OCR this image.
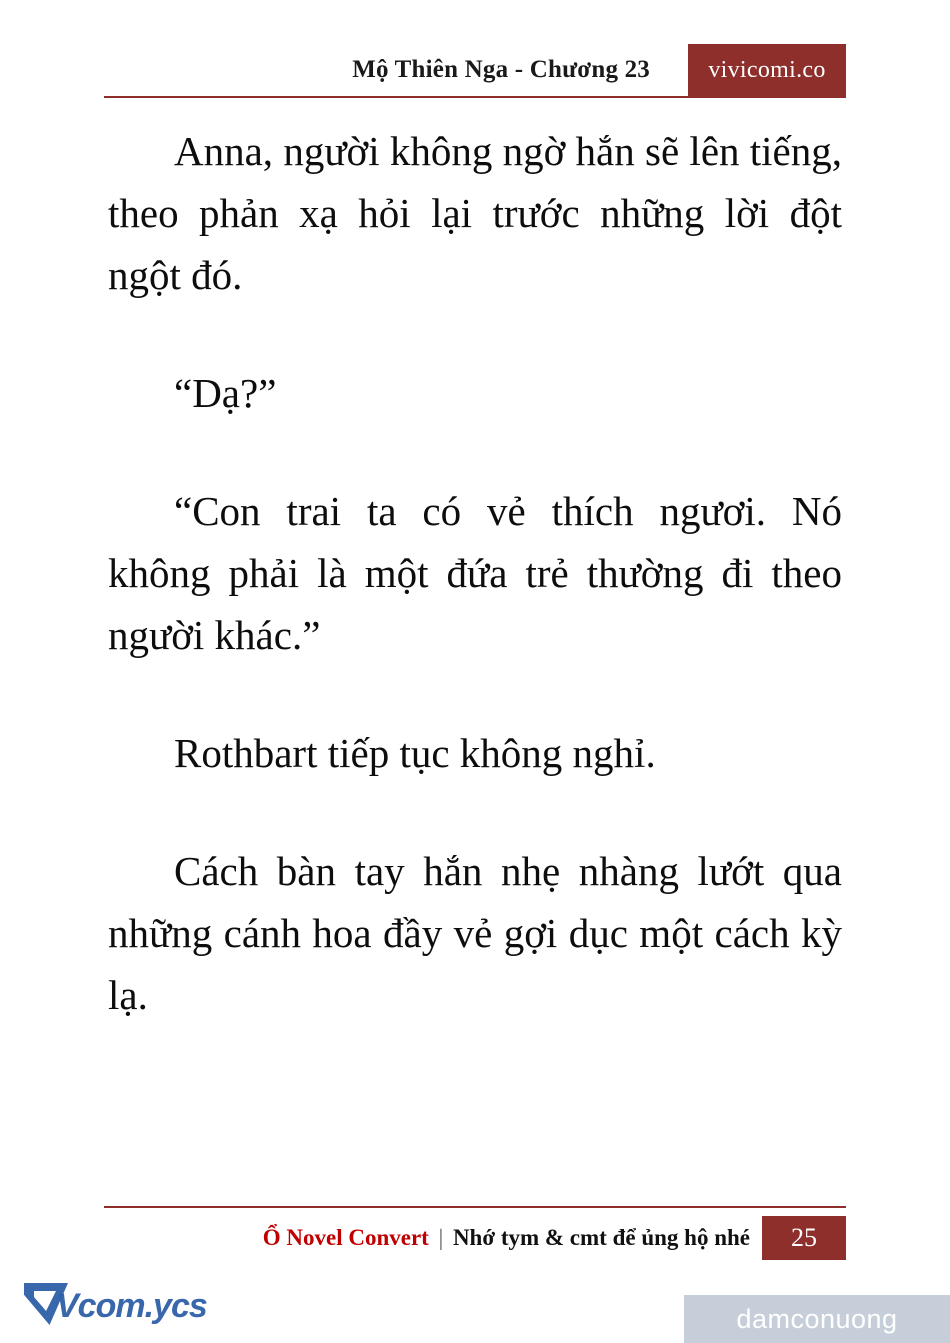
Mộ Thiên Nga - Chương 23	vivicomi.co

Anna, người không ngờ hắn sẽ lên tiếng, theo phản xạ hỏi lại trước những lời đột ngột đó.

“Dạ?”

“Con trai ta có vẻ thích ngươi. Nó không phải là một đứa trẻ thường đi theo người khác.”

Rothbart tiếp tục không nghỉ.

Cách bàn tay hắn nhẹ nhàng lướt qua những cánh hoa đầy vẻ gợi dục một cách kỳ lạ.

Ổ Novel Convert | Nhớ tym & cmt để ủng hộ nhé	25
Vcom.ycs	damconuong
